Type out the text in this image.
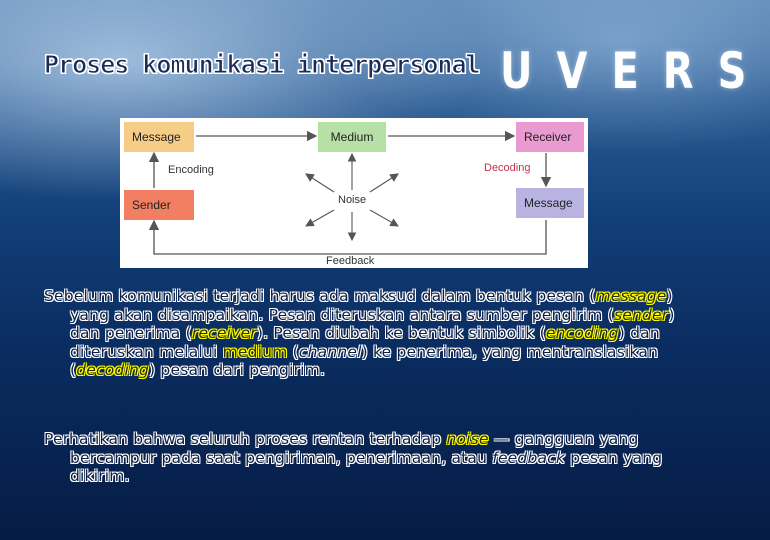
Proses komunikasi interpersonal UVERS
Message	Medium	Receiver
Sender	Message
Noise
Encoding	Decoding
Feedback

Sebelum komunikasi terjadi harus ada maksud dalam bentuk pesan (message) yang akan disampaikan. Pesan diteruskan antara sumber pengirim (sender) dan penerima (receiver). Pesan diubah ke bentuk simbolik (encoding) dan diteruskan melalui medium (channel) ke penerima, yang mentranslasikan (decoding) pesan dari pengirim.

Perhatikan bahwa seluruh proses rentan terhadap noise — gangguan yang bercampur pada saat pengiriman, penerimaan, atau feedback pesan yang dikirim.
